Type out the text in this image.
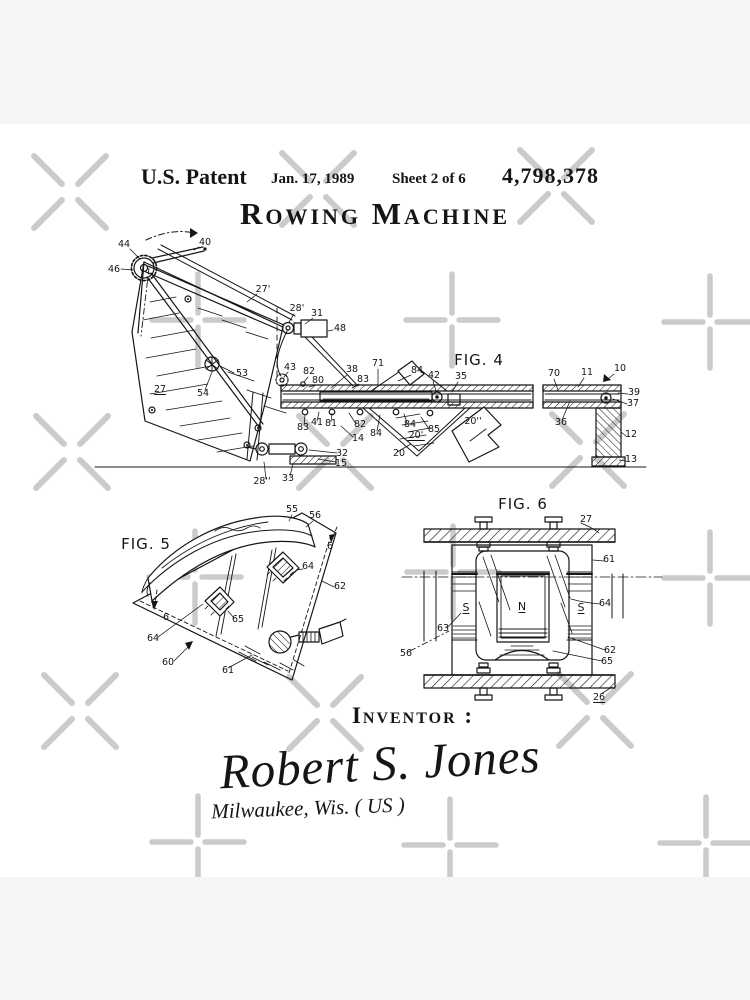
FIG. 4
44	40
46
27'
28' 31
48
53
54
27
43 82
80
38
83
71
84 42 35	70 11 10
39
37
36
12
13
83 41 81 82
14 84
84 85
20'
20''
20
32
15
33
28''
FIG. 5
55
56
6
64
62
65
6
64
60
61
FIG. 6
27
61
64
S	N	S
63
56	62
65
26
U.S. Patent Jan. 17, 1989	Sheet 2 of 6 4,798,378
Rowing Machine
Inventor :
Robert S. Jones
Milwaukee, Wis. ( US )
